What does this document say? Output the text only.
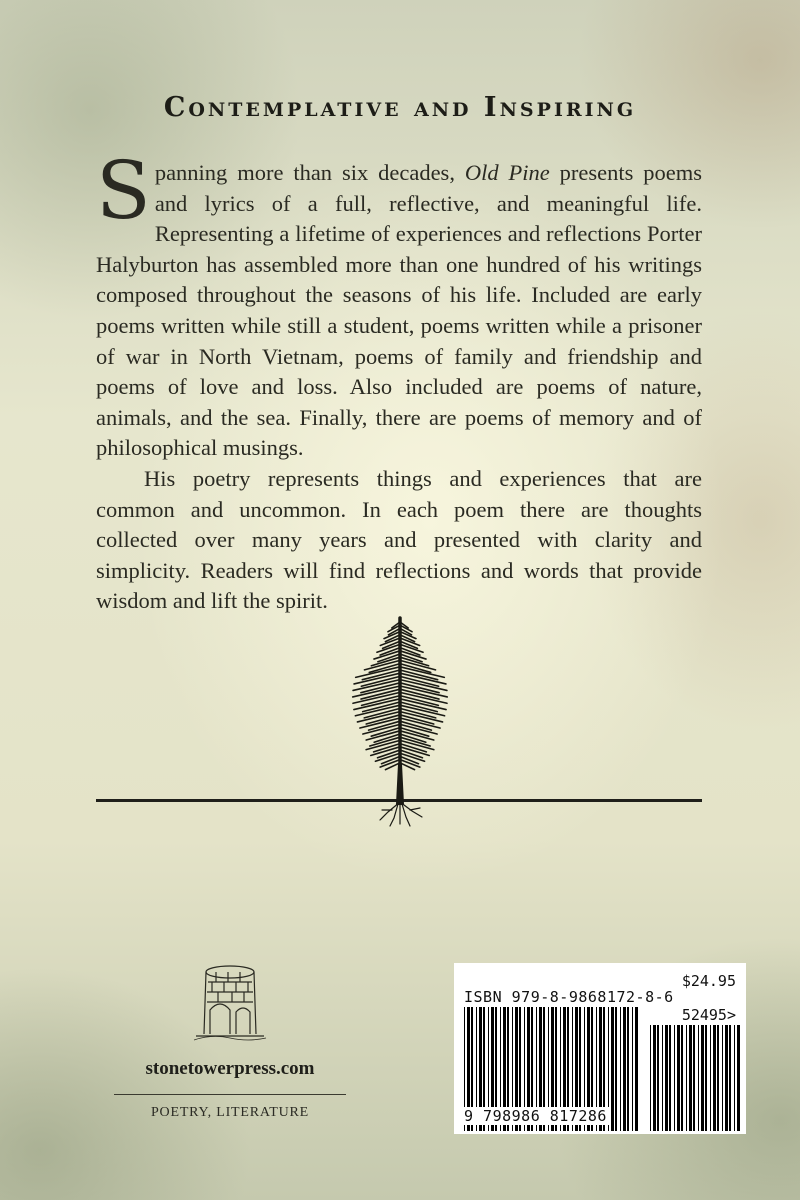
Contemplative and Inspiring

Spanning more than six decades, Old Pine presents poems and lyrics of a full, reflective, and meaningful life. Representing a lifetime of experiences and reflections Porter Halyburton has assembled more than one hundred of his writings composed throughout the seasons of his life. Included are early poems written while still a student, poems written while a prisoner of war in North Vietnam, poems of family and friendship and poems of love and loss. Also included are poems of nature, animals, and the sea. Finally, there are poems of memory and of philosophical musings.

His poetry represents things and experiences that are common and uncommon. In each poem there are thoughts collected over many years and presented with clarity and simplicity. Readers will find reflections and words that provide wisdom and lift the spirit.

stonetowerpress.com
POETRY, LITERATURE
$24.95
ISBN 979-8-9868172-8-6
52495>
9 798986 817286
